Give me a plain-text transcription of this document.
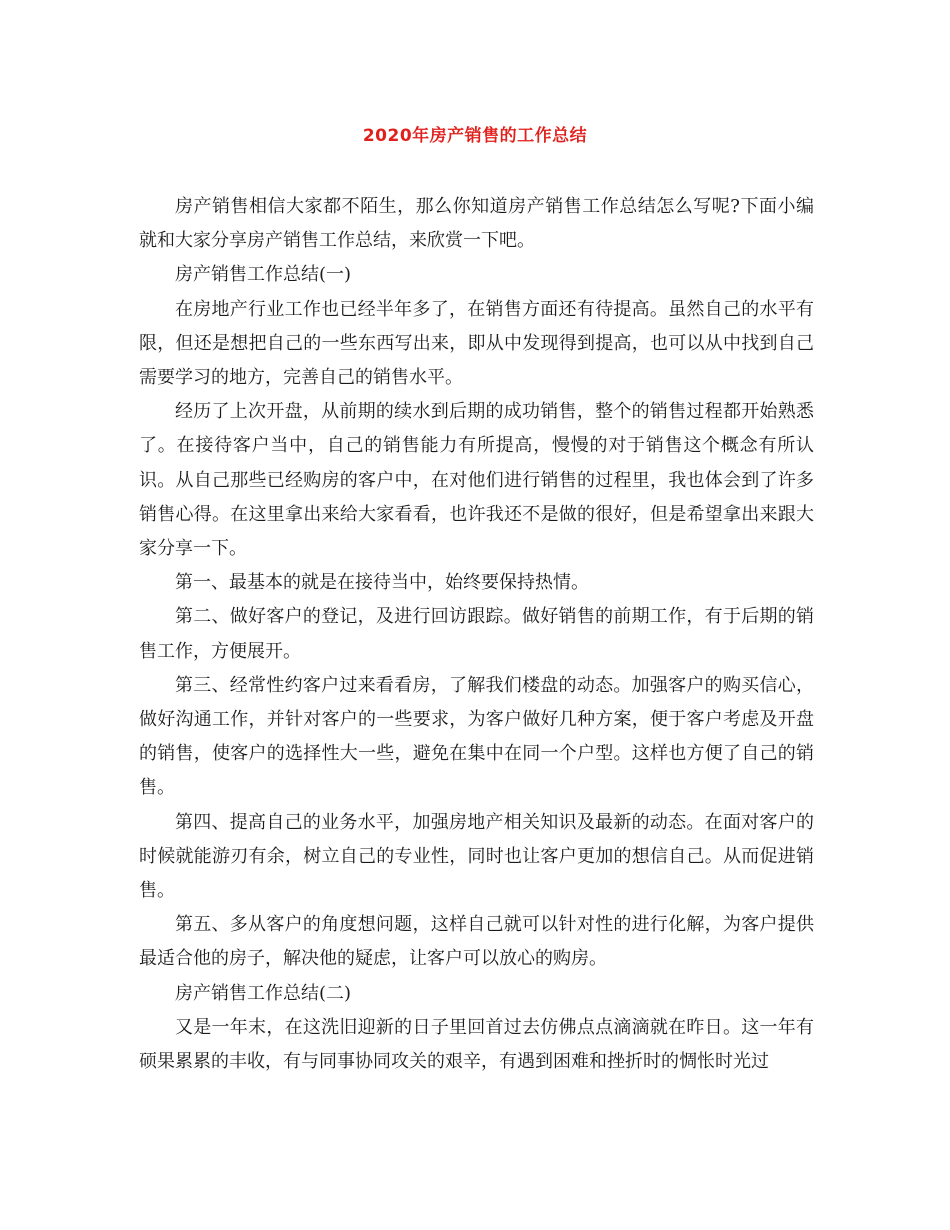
2020年房产销售的工作总结

房产销售相信大家都不陌生，那么你知道房产销售工作总结怎么写呢?下面小编就和大家分享房产销售工作总结，来欣赏一下吧。

房产销售工作总结(一)

在房地产行业工作也已经半年多了，在销售方面还有待提高。虽然自己的水平有限，但还是想把自己的一些东西写出来，即从中发现得到提高，也可以从中找到自己需要学习的地方，完善自己的销售水平。

经历了上次开盘，从前期的续水到后期的成功销售，整个的销售过程都开始熟悉了。在接待客户当中，自己的销售能力有所提高，慢慢的对于销售这个概念有所认识。从自己那些已经购房的客户中，在对他们进行销售的过程里，我也体会到了许多销售心得。在这里拿出来给大家看看，也许我还不是做的很好，但是希望拿出来跟大家分享一下。

第一、最基本的就是在接待当中，始终要保持热情。

第二、做好客户的登记，及进行回访跟踪。做好销售的前期工作，有于后期的销售工作，方便展开。

第三、经常性约客户过来看看房，了解我们楼盘的动态。加强客户的购买信心，做好沟通工作，并针对客户的一些要求，为客户做好几种方案，便于客户考虑及开盘的销售，使客户的选择性大一些，避免在集中在同一个户型。这样也方便了自己的销售。

第四、提高自己的业务水平，加强房地产相关知识及最新的动态。在面对客户的时候就能游刃有余，树立自己的专业性，同时也让客户更加的想信自己。从而促进销售。

第五、多从客户的角度想问题，这样自己就可以针对性的进行化解，为客户提供最适合他的房子，解决他的疑虑，让客户可以放心的购房。

房产销售工作总结(二)

又是一年末，在这洗旧迎新的日子里回首过去仿佛点点滴滴就在昨日。这一年有硕果累累的丰收，有与同事协同攻关的艰辛，有遇到困难和挫折时的惆怅时光过
